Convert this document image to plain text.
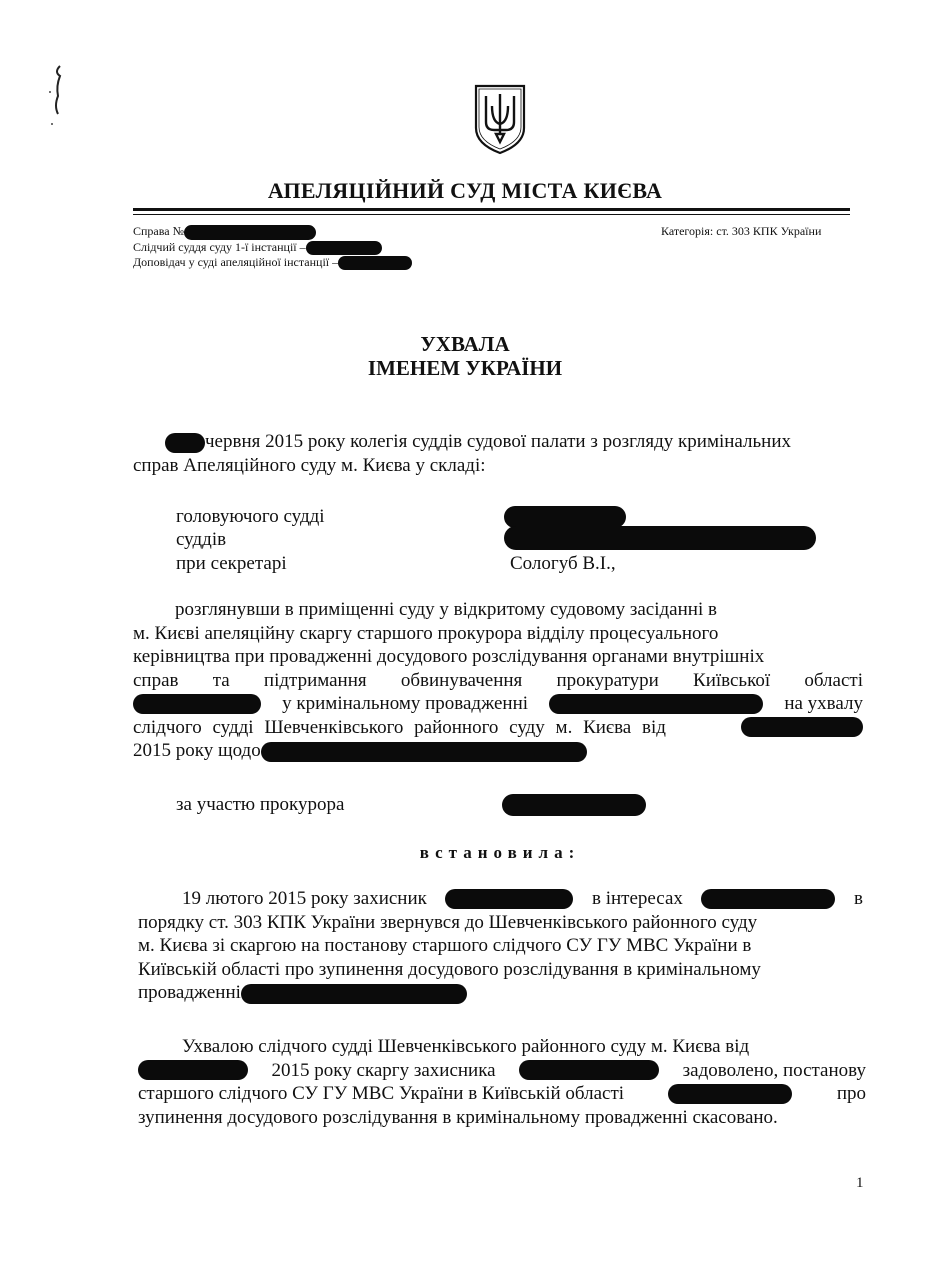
АПЕЛЯЦІЙНИЙ СУД МІСТА КИЄВА
Справа №
Слідчий суддя суду 1-ї інстанції –
Доповідач у суді апеляційної інстанції –
Категорія: ст. 303 КПК України
УХВАЛА
ІМЕНЕМ УКРАЇНИ
червня 2015 року колегія суддів судової палати з розгляду кримінальних
справ Апеляційного суду м. Києва у складі:
головуючого судді
суддів
при секретарі	Сологуб В.І.,
розглянувши в приміщенні суду у відкритому судовому засіданні в
м. Києві апеляційну скаргу старшого прокурора відділу процесуального
керівництва при провадженні досудового розслідування органами внутрішніх
справ та підтримання обвинувачення прокуратури Київської області
у кримінальному провадженні	на ухвалу
слідчого судді Шевченківського районного суду м. Києва від
2015 року щодо
за участю прокурора
встановила:
19 лютого 2015 року захисник	в інтересах	в
порядку ст. 303 КПК України звернувся до Шевченківського районного суду
м. Києва зі скаргою на постанову старшого слідчого СУ ГУ МВС України в
Київській області про зупинення досудового розслідування в кримінальному
провадженні
Ухвалою слідчого судді Шевченківського районного суду м. Києва від
2015 року скаргу захисника	задоволено, постанову
старшого слідчого СУ ГУ МВС України в Київській області	про
зупинення досудового розслідування в кримінальному провадженні скасовано.
1
